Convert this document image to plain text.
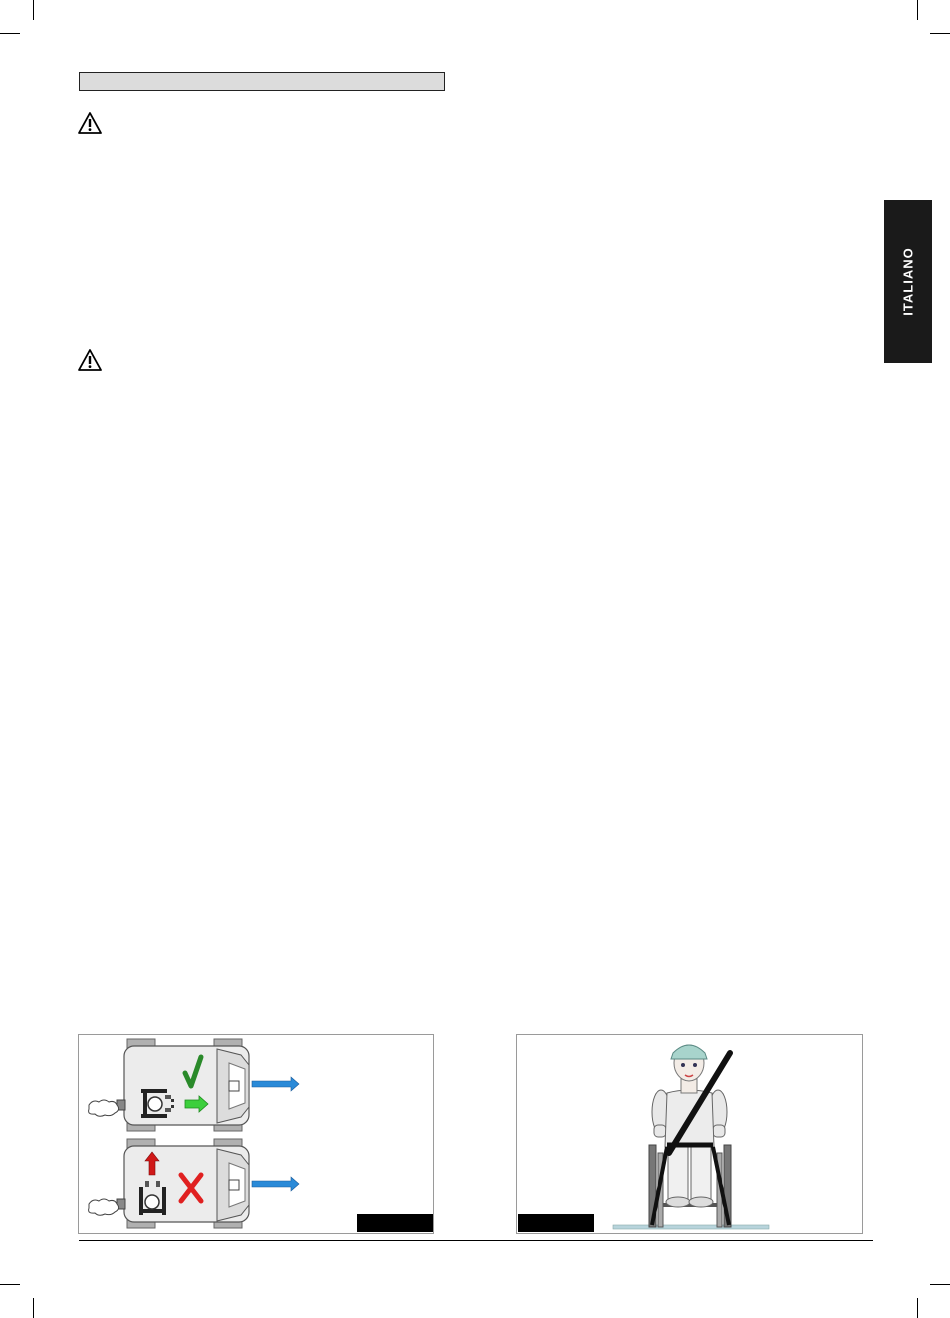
ITALIANO
